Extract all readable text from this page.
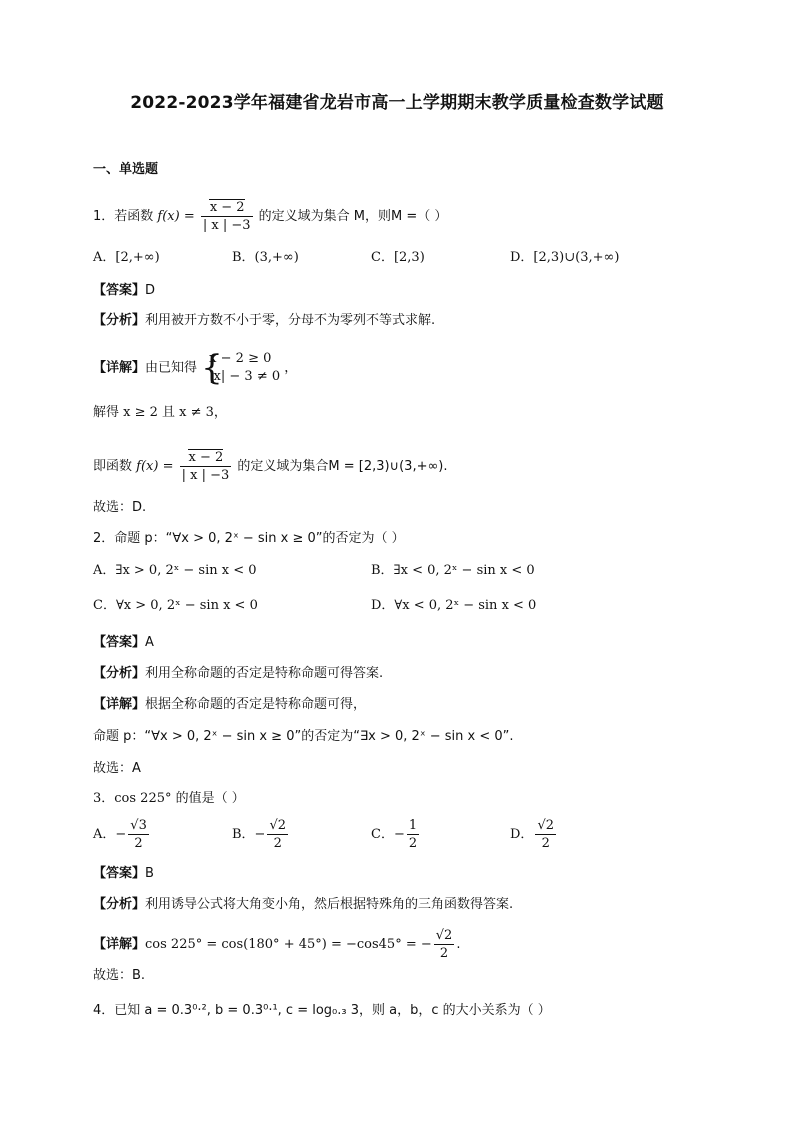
2022-2023学年福建省龙岩市高一上学期期末教学质量检查数学试题
一、单选题
1．若函数 $f(x) = \frac{x - 2}{| x | -3}$ 的定义域为集合 M，则M =（ ）
A．[2,+∞)	B．(3,+∞)	C．[2,3)	D．[2,3)∪(3,+∞)
【答案】D
【分析】利用被开方数不小于零，分母不为零列不等式求解.
【详解】由已知得 {
x − 2 ≥ 0
|x| − 3 ≠ 0
，
解得 x ≥ 2 且 x ≠ 3，
即函数 $f(x) = \frac{x - 2}{| x | -3}$ 的定义域为集合M = [2,3)∪(3,+∞).
故选：D.
2．命题 p：“∀x > 0, 2ˣ − sin x ≥ 0”的否定为（ ）
A．∃x > 0, 2ˣ − sin x < 0	B．∃x < 0, 2ˣ − sin x < 0
C．∀x > 0, 2ˣ − sin x < 0	D．∀x < 0, 2ˣ − sin x < 0
【答案】A
【分析】利用全称命题的否定是特称命题可得答案.
【详解】根据全称命题的否定是特称命题可得，
命题 p：“∀x > 0, 2ˣ − sin x ≥ 0”的否定为“∃x > 0, 2ˣ − sin x < 0”.
故选：A
3．cos 225° 的值是（ ）
A．− $\frac{√3}{2}$	B．− $\frac{√2}{2}$	C．− $\frac{1}{2}$	D． $\frac{√2}{2}$
【答案】B
【分析】利用诱导公式将大角变小角，然后根据特殊角的三角函数得答案.
【详解】cos 225° = cos(180° + 45°) = −cos45° = − $\frac{√2}{2}$ .
故选：B.
4．已知 a = 0.3⁰·², b = 0.3⁰·¹, c = log₀.₃ 3，则 a，b，c 的大小关系为（ ）
